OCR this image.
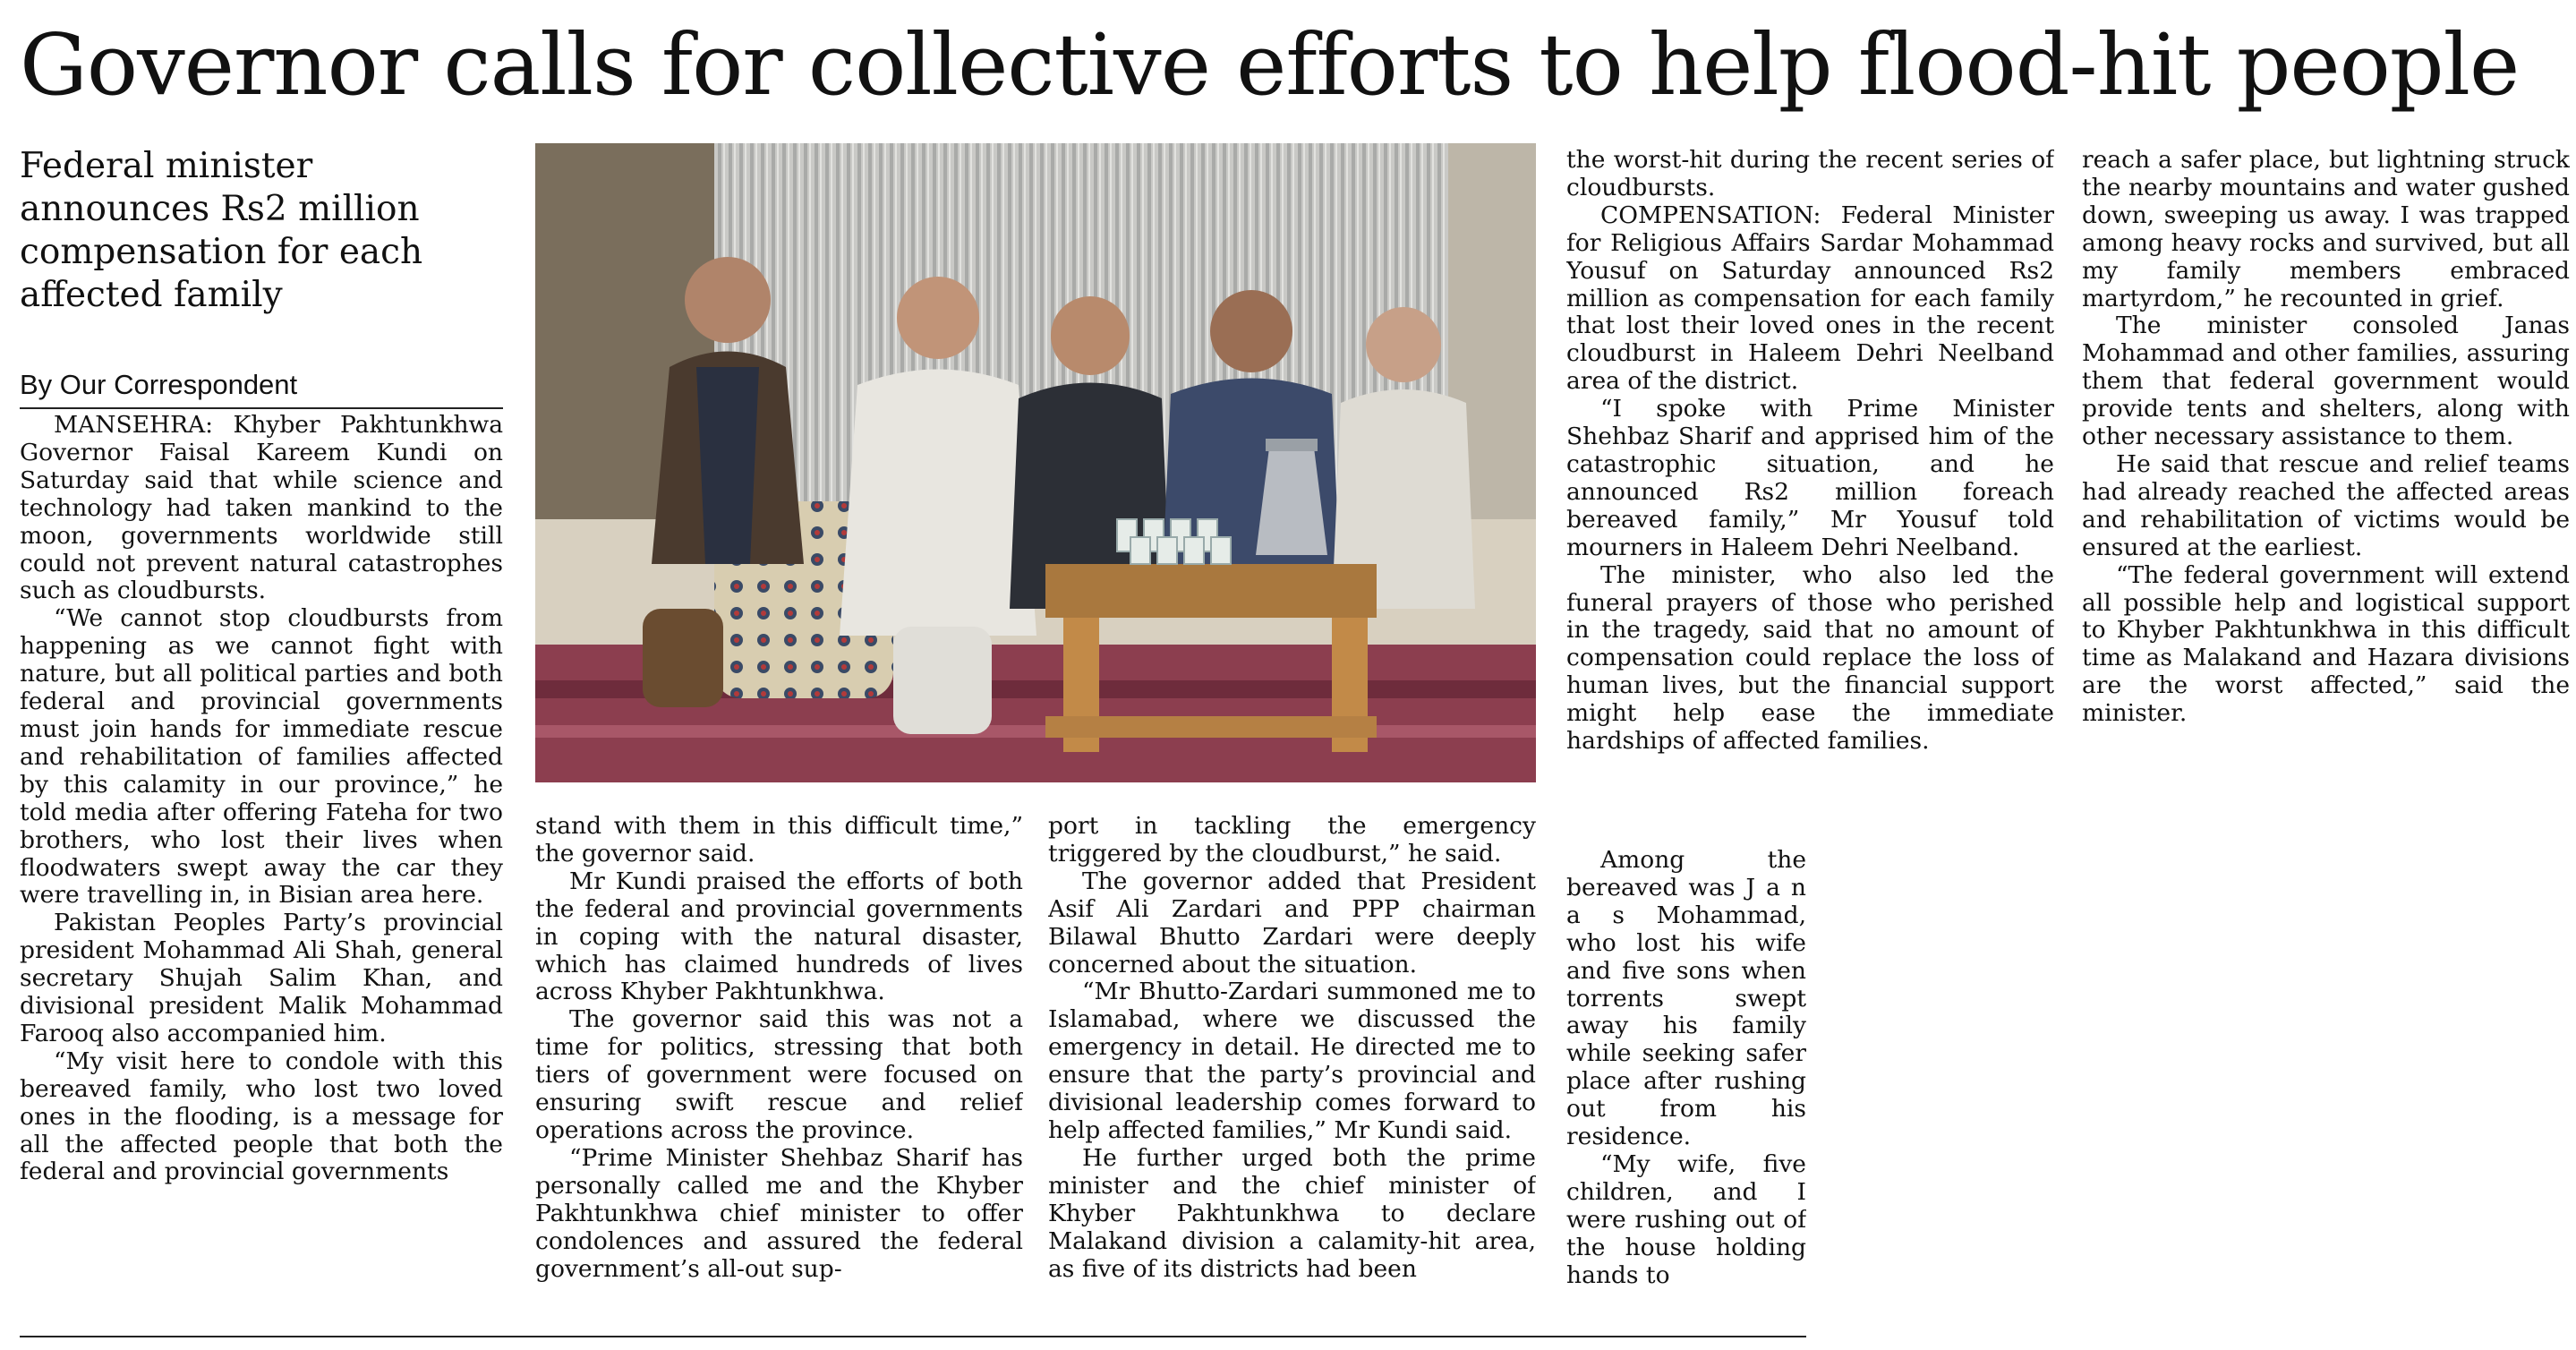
Governor calls for collective efforts to help flood-hit people
Federal minister announces Rs2 million compensation for each affected family
By Our Correspondent

MANSEHRA: Khyber Pakhtunkhwa Governor Faisal Kareem Kundi on Saturday said that while science and technology had taken mankind to the moon, governments worldwide still could not prevent natural catastrophes such as cloudbursts.

“We cannot stop cloudbursts from happening as we cannot fight with nature, but all political parties and both federal and provincial governments must join hands for immediate rescue and rehabilitation of families affected by this calamity in our province,” he told media after offering Fateha for two brothers, who lost their lives when floodwaters swept away the car they were travelling in, in Bisian area here.

Pakistan Peoples Party’s provincial president Mohammad Ali Shah, general secretary Shujah Salim Khan, and divisional president Malik Mohammad Farooq also accompanied him.

“My visit here to condole with this bereaved family, who lost two loved ones in the flooding, is a message for all the affected people that both the federal and provincial governments

stand with them in this difficult time,” the governor said.

Mr Kundi praised the efforts of both the federal and provincial governments in coping with the natural disaster, which has claimed hundreds of lives across Khyber Pakhtunkhwa.

The governor said this was not a time for politics, stressing that both tiers of government were focused on ensuring swift rescue and relief operations across the province.

“Prime Minister Shehbaz Sharif has personally called me and the Khyber Pakhtunkhwa chief minister to offer condolences and assured the federal government’s all-out sup-

port in tackling the emergency triggered by the cloudburst,” he said.

The governor added that President Asif Ali Zardari and PPP chairman Bilawal Bhutto Zardari were deeply concerned about the situation.

“Mr Bhutto-Zardari summoned me to Islamabad, where we discussed the emergency in detail. He directed me to ensure that the party’s provincial and divisional leadership comes forward to help affected families,” Mr Kundi said.

He further urged both the prime minister and the chief minister of Khyber Pakhtunkhwa to declare Malakand division a calamity-hit area, as five of its districts had been

the worst-hit during the recent series of cloudbursts.

COMPENSATION: Federal Minister for Religious Affairs Sardar Mohammad Yousuf on Saturday announced Rs2 million as compensation for each family that lost their loved ones in the recent cloudburst in Haleem Dehri Neelband area of the district.

“I spoke with Prime Minister Shehbaz Sharif and apprised him of the catastrophic situation, and he announced Rs2 million foreach bereaved family,” Mr Yousuf told mourners in Haleem Dehri Neelband.

The minister, who also led the funeral prayers of those who perished in the tragedy, said that no amount of compensation could replace the loss of human lives, but the financial support might help ease the immediate hardships of affected families.

Among the bereaved was J a n a s Mohammad, who lost his wife and five sons when torrents swept away his family while seeking safer place after rushing out from his residence.

“My wife, five children, and I were rushing out of the house holding hands to

reach a safer place, but lightning struck the nearby mountains and water gushed down, sweeping us away. I was trapped among heavy rocks and survived, but all my family members embraced martyrdom,” he recounted in grief.

The minister consoled Janas Mohammad and other families, assuring them that federal government would provide tents and shelters, along with other necessary assistance to them.

He said that rescue and relief teams had already reached the affected areas and rehabilitation of victims would be ensured at the earliest.

“The federal government will extend all possible help and logistical support to Khyber Pakhtunkhwa in this difficult time as Malakand and Hazara divisions are the worst affected,” said the minister.
